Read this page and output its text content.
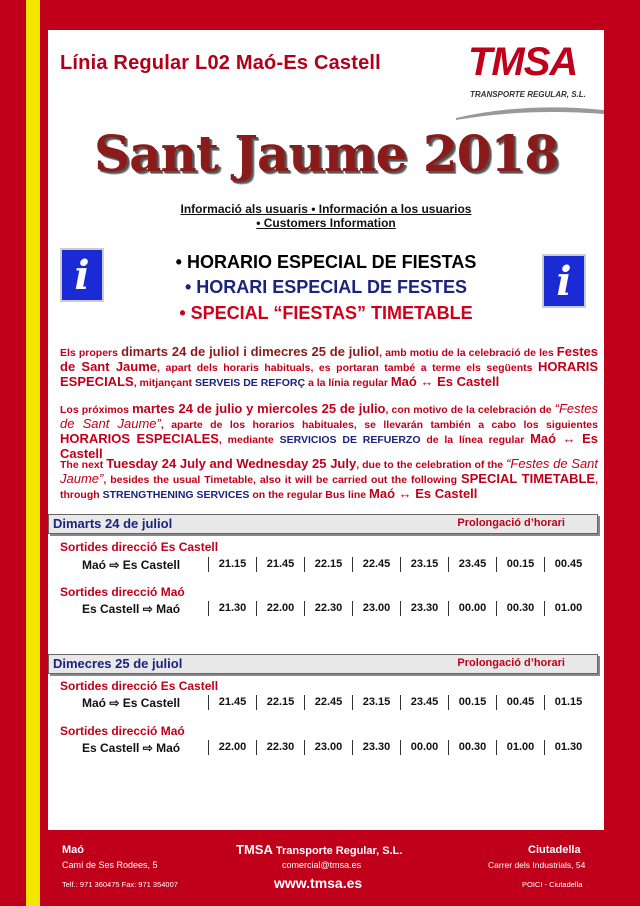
Línia Regular L02 Maó-Es Castell TMSA
TRANSPORTE REGULAR, S.L.
Sant Jaume 2018
Informació als usuaris • Información a los usuarios
• Customers Information
i	i
• HORARIO ESPECIAL DE FIESTAS
• HORARI ESPECIAL DE FESTES
• SPECIAL “FIESTAS” TIMETABLE
Els propers dimarts 24 de juliol i dimecres 25 de juliol, amb motiu de la celebració de les Festes de Sant Jaume, apart dels horaris habituals, es portaran també a terme els següents HORARIS ESPECIALS, mitjançant SERVEIS DE REFORÇ a la línia regular Maó ↔ Es Castell
Los próximos martes 24 de julio y miercoles 25 de julio, con motivo de la celebración de “Festes de Sant Jaume”, aparte de los horarios habituales, se llevarán también a cabo los siguientes HORARIOS ESPECIALES, mediante SERVICIOS DE REFUERZO de la línea regular Maó ↔ Es Castell
The next Tuesday 24 July and Wednesday 25 July, due to the celebration of the “Festes de Sant Jaume”, besides the usual Timetable, also it will be carried out the following SPECIAL TIMETABLE, through STRENGTHENING SERVICES on the regular Bus line Maó ↔ Es Castell
Dimarts 24 de juliol	Prolongació d’horari
Sortides direcció Es Castell
Maó ⇨ Es Castell	21.15	21.45	22.15	22.45	23.15	23.45	00.15	00.45
Sortides direcció Maó
Es Castell ⇨ Maó	21.30	22.00	22.30	23.00	23.30	00.00	00.30	01.00
Dimecres 25 de juliol	Prolongació d’horari
Sortides direcció Es Castell
Maó ⇨ Es Castell	21.45	22.15	22.45	23.15	23.45	00.15	00.45	01.15
Sortides direcció Maó
Es Castell ⇨ Maó	22.00	22.30	23.00	23.30	00.00	00.30	01.00	01.30
Maó
Camí de Ses Rodees, 5
Telf.: 971 360475 Fax: 971 354007
TMSA Transporte Regular, S.L.
comercial@tmsa.es
www.tmsa.es
Ciutadella
Carrer dels Industrials, 54
POICI - Ciutadella
